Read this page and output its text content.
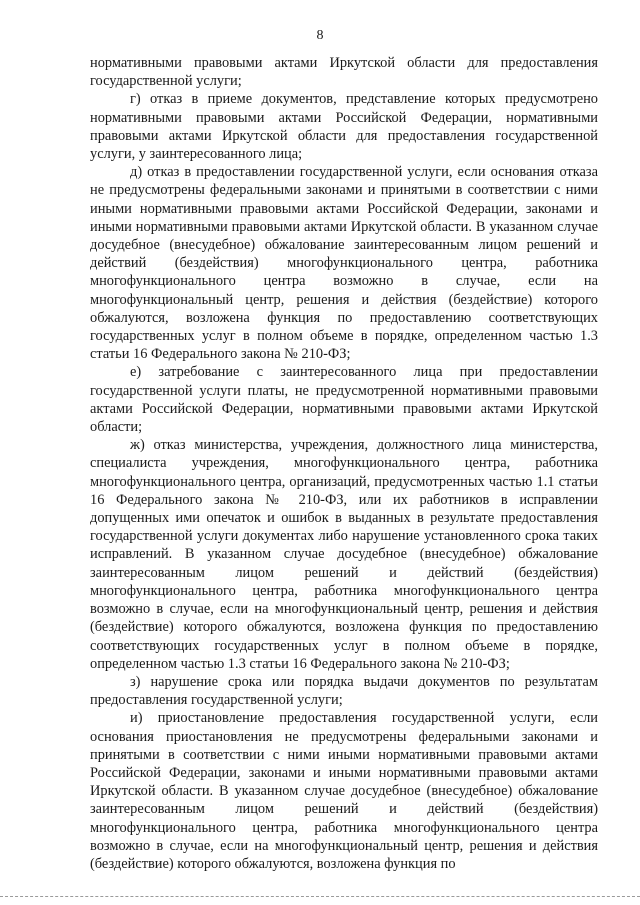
8

нормативными правовыми актами Иркутской области для предоставления государственной услуги;

г) отказ в приеме документов, представление которых предусмотрено нормативными правовыми актами Российской Федерации, нормативными правовыми актами Иркутской области для предоставления государственной услуги, у заинтересованного лица;

д) отказ в предоставлении государственной услуги, если основания отказа не предусмотрены федеральными законами и принятыми в соответствии с ними иными нормативными правовыми актами Российской Федерации, законами и иными нормативными правовыми актами Иркутской области. В указанном случае досудебное (внесудебное) обжалование заинтересованным лицом решений и действий (бездействия) многофункционального центра, работника многофункционального центра возможно в случае, если на многофункциональный центр, решения и действия (бездействие) которого обжалуются, возложена функция по предоставлению соответствующих государственных услуг в полном объеме в порядке, определенном частью 1.3 статьи 16 Федерального закона № 210-ФЗ;

е) затребование с заинтересованного лица при предоставлении государственной услуги платы, не предусмотренной нормативными правовыми актами Российской Федерации, нормативными правовыми актами Иркутской области;

ж) отказ министерства, учреждения, должностного лица министерства, специалиста учреждения, многофункционального центра, работника многофункционального центра, организаций, предусмотренных частью 1.1 статьи 16 Федерального закона № 210-ФЗ, или их работников в исправлении допущенных ими опечаток и ошибок в выданных в результате предоставления государственной услуги документах либо нарушение установленного срока таких исправлений. В указанном случае досудебное (внесудебное) обжалование заинтересованным лицом решений и действий (бездействия) многофункционального центра, работника многофункционального центра возможно в случае, если на многофункциональный центр, решения и действия (бездействие) которого обжалуются, возложена функция по предоставлению соответствующих государственных услуг в полном объеме в порядке, определенном частью 1.3 статьи 16 Федерального закона № 210-ФЗ;

з) нарушение срока или порядка выдачи документов по результатам предоставления государственной услуги;

и) приостановление предоставления государственной услуги, если основания приостановления не предусмотрены федеральными законами и принятыми в соответствии с ними иными нормативными правовыми актами Российской Федерации, законами и иными нормативными правовыми актами Иркутской области. В указанном случае досудебное (внесудебное) обжалование заинтересованным лицом решений и действий (бездействия) многофункционального центра, работника многофункционального центра возможно в случае, если на многофункциональный центр, решения и действия (бездействие) которого обжалуются, возложена функция по
